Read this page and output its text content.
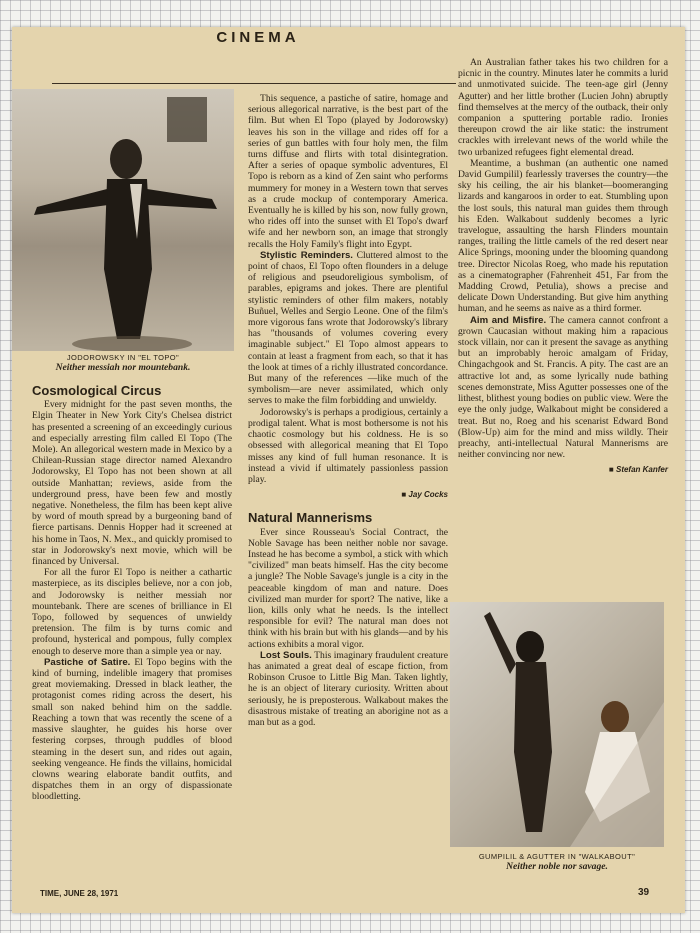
CINEMA
JODOROWSKY IN "EL TOPO"
Neither messiah nor mountebank.
Cosmological Circus

Every midnight for the past seven months, the Elgin Theater in New York City's Chelsea district has presented a screening of an exceedingly curious and especially arresting film called El Topo (The Mole). An allegorical western made in Mexico by a Chilean-Russian stage director named Alexandro Jodorowsky, El Topo has not been shown at all outside Manhattan; reviews, aside from the underground press, have been few and mostly negative. Nonetheless, the film has been kept alive by word of mouth spread by a burgeoning band of fierce partisans. Dennis Hopper had it screened at his home in Taos, N. Mex., and quickly promised to star in Jodorowsky's next movie, which will be financed by Universal.

For all the furor El Topo is neither a cathartic masterpiece, as its disciples believe, nor a con job, and Jodorowsky is neither messiah nor mountebank. There are scenes of brilliance in El Topo, followed by sequences of unwieldy pretension. The film is by turns comic and profound, hysterical and pompous, fully complex enough to deserve more than a simple yea or nay.

Pastiche of Satire. El Topo begins with the kind of burning, indelible imagery that promises great moviemaking. Dressed in black leather, the protagonist comes riding across the desert, his small son naked behind him on the saddle. Reaching a town that was recently the scene of a massive slaughter, he guides his horse over festering corpses, through puddles of blood steaming in the desert sun, and rides out again, seeking vengeance. He finds the villains, homicidal clowns wearing elaborate bandit outfits, and dispatches them in an orgy of dispassionate bloodletting.

This sequence, a pastiche of satire, homage and serious allegorical narrative, is the best part of the film. But when El Topo (played by Jodorowsky) leaves his son in the village and rides off for a series of gun battles with four holy men, the film turns diffuse and flirts with total disintegration. After a series of opaque symbolic adventures, El Topo is reborn as a kind of Zen saint who performs mummery for money in a Western town that serves as a crude mockup of contemporary America. Eventually he is killed by his son, now fully grown, who rides off into the sunset with El Topo's dwarf wife and her newborn son, an image that strongly recalls the Holy Family's flight into Egypt.

Stylistic Reminders. Cluttered almost to the point of chaos, El Topo often flounders in a deluge of religious and pseudoreligious symbolism, of parables, epigrams and jokes. There are plentiful stylistic reminders of other film makers, notably Buñuel, Welles and Sergio Leone. One of the film's more vigorous fans wrote that Jodorowsky's library has "thousands of volumes covering every imaginable subject." El Topo almost appears to contain at least a fragment from each, so that it has the look at times of a richly illustrated concordance. But many of the references —like much of the symbolism—are never assimilated, which only serves to make the film forbidding and unwieldy.

Jodorowsky's is perhaps a prodigious, certainly a prodigal talent. What is most bothersome is not his chaotic cosmology but his coldness. He is so obsessed with allegorical meaning that El Topo misses any kind of full human resonance. It is instead a vivid if ultimately passionless passion play.

■ Jay Cocks
Natural Mannerisms

Ever since Rousseau's Social Contract, the Noble Savage has been neither noble nor savage. Instead he has become a symbol, a stick with which "civilized" man beats himself. Has the city become a jungle? The Noble Savage's jungle is a city in the peaceable kingdom of man and nature. Does civilized man murder for sport? The native, like a lion, kills only what he needs. Is the intellect responsible for evil? The natural man does not think with his brain but with his glands—and by his actions exhibits a moral vigor.

Lost Souls. This imaginary fraudulent creature has animated a great deal of escape fiction, from Robinson Crusoe to Little Big Man. Taken lightly, he is an object of literary curiosity. Written about seriously, he is preposterous. Walkabout makes the disastrous mistake of treating an aborigine not as a man but as a god.

An Australian father takes his two children for a picnic in the country. Minutes later he commits a lurid and unmotivated suicide. The teen-age girl (Jenny Agutter) and her little brother (Lucien John) abruptly find themselves at the mercy of the outback, their only companion a sputtering portable radio. Ironies thereupon crowd the air like static: the instrument crackles with irrelevant news of the world while the two urbanized refugees fight elemental dread.

Meantime, a bushman (an authentic one named David Gumpilil) fearlessly traverses the country—the sky his ceiling, the air his blanket—boomeranging lizards and kangaroos in order to eat. Stumbling upon the lost souls, this natural man guides them through his Eden. Walkabout suddenly becomes a lyric travelogue, assaulting the harsh Flinders mountain ranges, trailing the little camels of the red desert near Alice Springs, mooning under the blooming quandong tree. Director Nicolas Roeg, who made his reputation as a cinematographer (Fahrenheit 451, Far from the Madding Crowd, Petulia), shows a precise and delicate Down Understanding. But give him anything human, and he seems as naive as a third former.

Aim and Misfire. The camera cannot confront a grown Caucasian without making him a rapacious stock villain, nor can it present the savage as anything but an improbably heroic amalgam of Friday, Chingachgook and St. Francis. A pity. The cast are an attractive lot and, as some lyrically nude bathing scenes demonstrate, Miss Agutter possesses one of the lithest, blithest young bodies on public view. Were the eye the only judge, Walkabout might be considered a treat. But no, Roeg and his scenarist Edward Bond (Blow-Up) aim for the mind and miss wildly. Their preachy, anti-intellectual Natural Mannerisms are neither convincing nor new.

■ Stefan Kanfer
GUMPILIL & AGUTTER IN "WALKABOUT"
Neither noble nor savage.
TIME, JUNE 28, 1971	39
